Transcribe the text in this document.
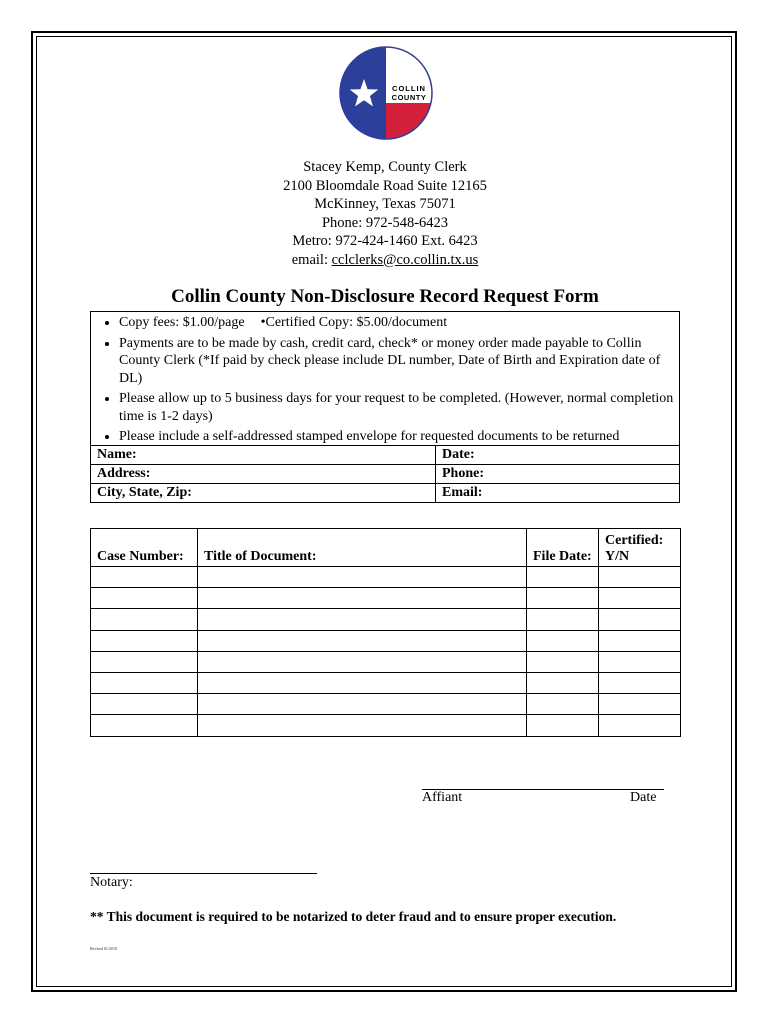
COLLIN
COUNTY
Stacey Kemp, County Clerk
2100 Bloomdale Road Suite 12165
McKinney, Texas 75071
Phone: 972-548-6423
Metro: 972-424-1460 Ext. 6423
email: cclclerks@co.collin.tx.us
Collin County Non-Disclosure Record Request Form
• Copy fees: $1.00/page •Certified Copy: $5.00/document
• Payments are to be made by cash, credit card, check* or money order made payable to Collin County Clerk (*If paid by check please include DL number, Date of Birth and Expiration date of DL)
• Please allow up to 5 business days for your request to be completed. (However, normal completion time is 1-2 days)
• Please include a self-addressed stamped envelope for requested documents to be returned
Name:	Date:
Address:	Phone:
City, State, Zip:	Email:
Case Number:	Title of Document:	File Date:	Certified: Y/N

Affiant	Date
Notary:
** This document is required to be notarized to deter fraud and to ensure proper execution.
Revised 01/2018
